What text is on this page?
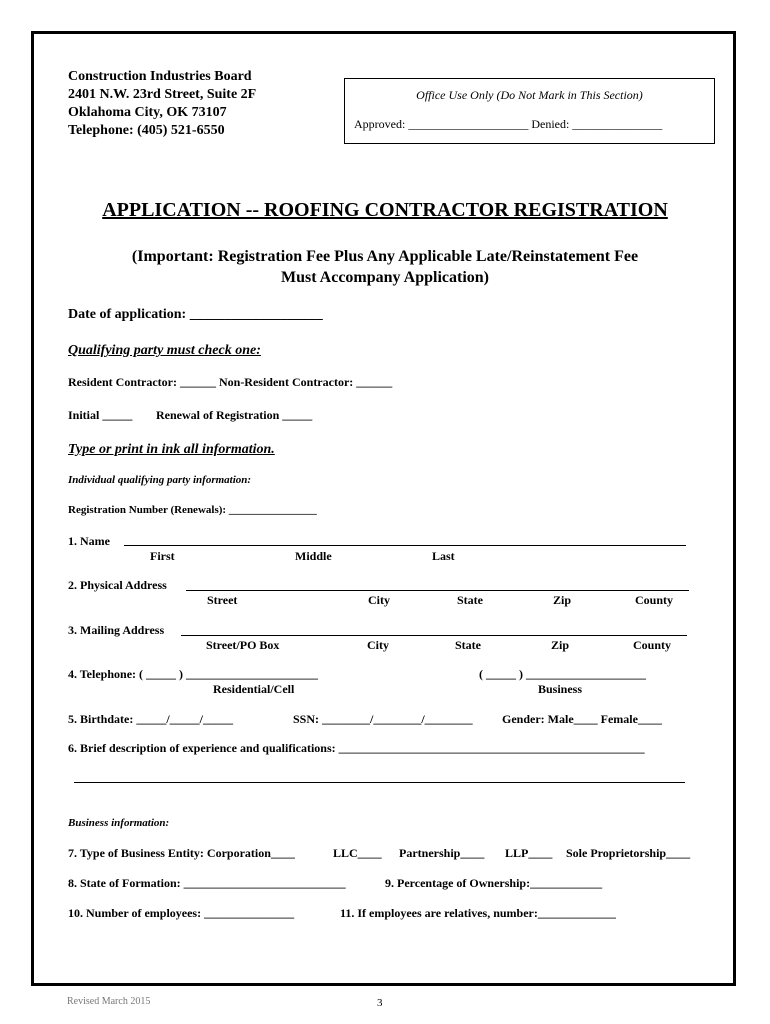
Construction Industries Board
2401 N.W. 23rd Street, Suite 2F
Oklahoma City, OK 73107
Telephone: (405) 521-6550
Office Use Only (Do Not Mark in This Section)
Approved: ____________________ Denied: _______________
APPLICATION -- ROOFING CONTRACTOR REGISTRATION
(Important: Registration Fee Plus Any Applicable Late/Reinstatement Fee
Must Accompany Application)
Date of application: ___________________
Qualifying party must check one:
Resident Contractor: ______ Non-Resident Contractor: ______
Initial _____ Renewal of Registration _____
Type or print in ink all information.
Individual qualifying party information:
Registration Number (Renewals): ________________
1. Name
First	Middle	Last
2. Physical Address
Street	City	State	Zip	County
3. Mailing Address
Street/PO Box	City	State	Zip	County
4. Telephone: ( _____ ) ______________________	( _____ ) ____________________
Residential/Cell	Business
5. Birthdate: _____/_____/_____	SSN: ________/________/________ Gender: Male____ Female____
6. Brief description of experience and qualifications: ___________________________________________________
Business information:
7. Type of Business Entity: Corporation____	LLC____ Partnership____ LLP____ Sole Proprietorship____
8. State of Formation: ___________________________	9. Percentage of Ownership:____________
10. Number of employees: _______________	11. If employees are relatives, number:_____________
Revised March 2015	3
